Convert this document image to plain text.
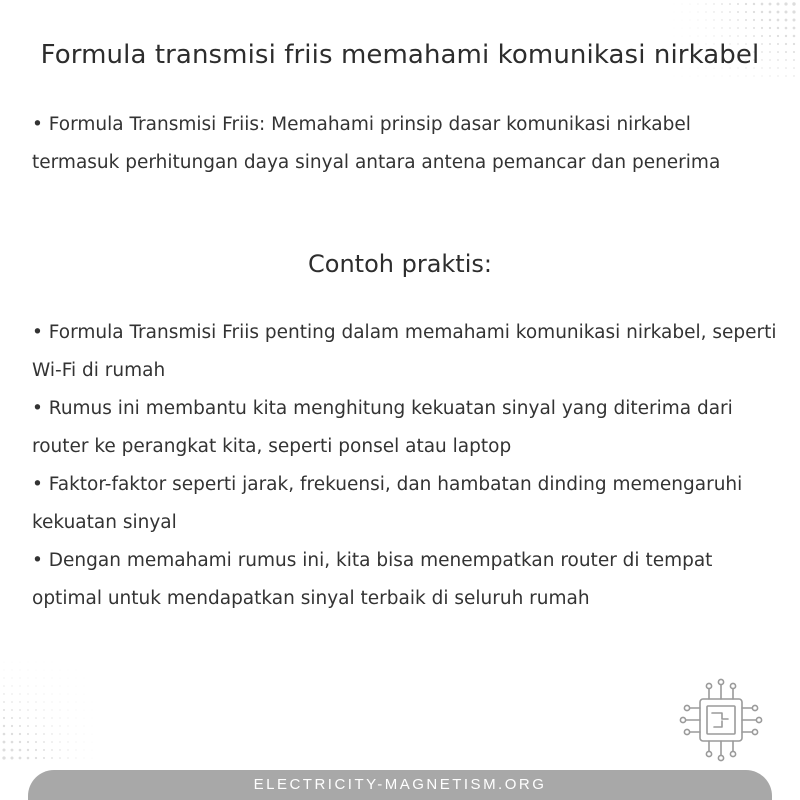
Formula transmisi friis memahami komunikasi nirkabel
• Formula Transmisi Friis: Memahami prinsip dasar komunikasi nirkabel termasuk perhitungan daya sinyal antara antena pemancar dan penerima
Contoh praktis:
• Formula Transmisi Friis penting dalam memahami komunikasi nirkabel, seperti Wi-Fi di rumah
• Rumus ini membantu kita menghitung kekuatan sinyal yang diterima dari router ke perangkat kita, seperti ponsel atau laptop
• Faktor-faktor seperti jarak, frekuensi, dan hambatan dinding memengaruhi kekuatan sinyal
• Dengan memahami rumus ini, kita bisa menempatkan router di tempat optimal untuk mendapatkan sinyal terbaik di seluruh rumah
ELECTRICITY-MAGNETISM.ORG
